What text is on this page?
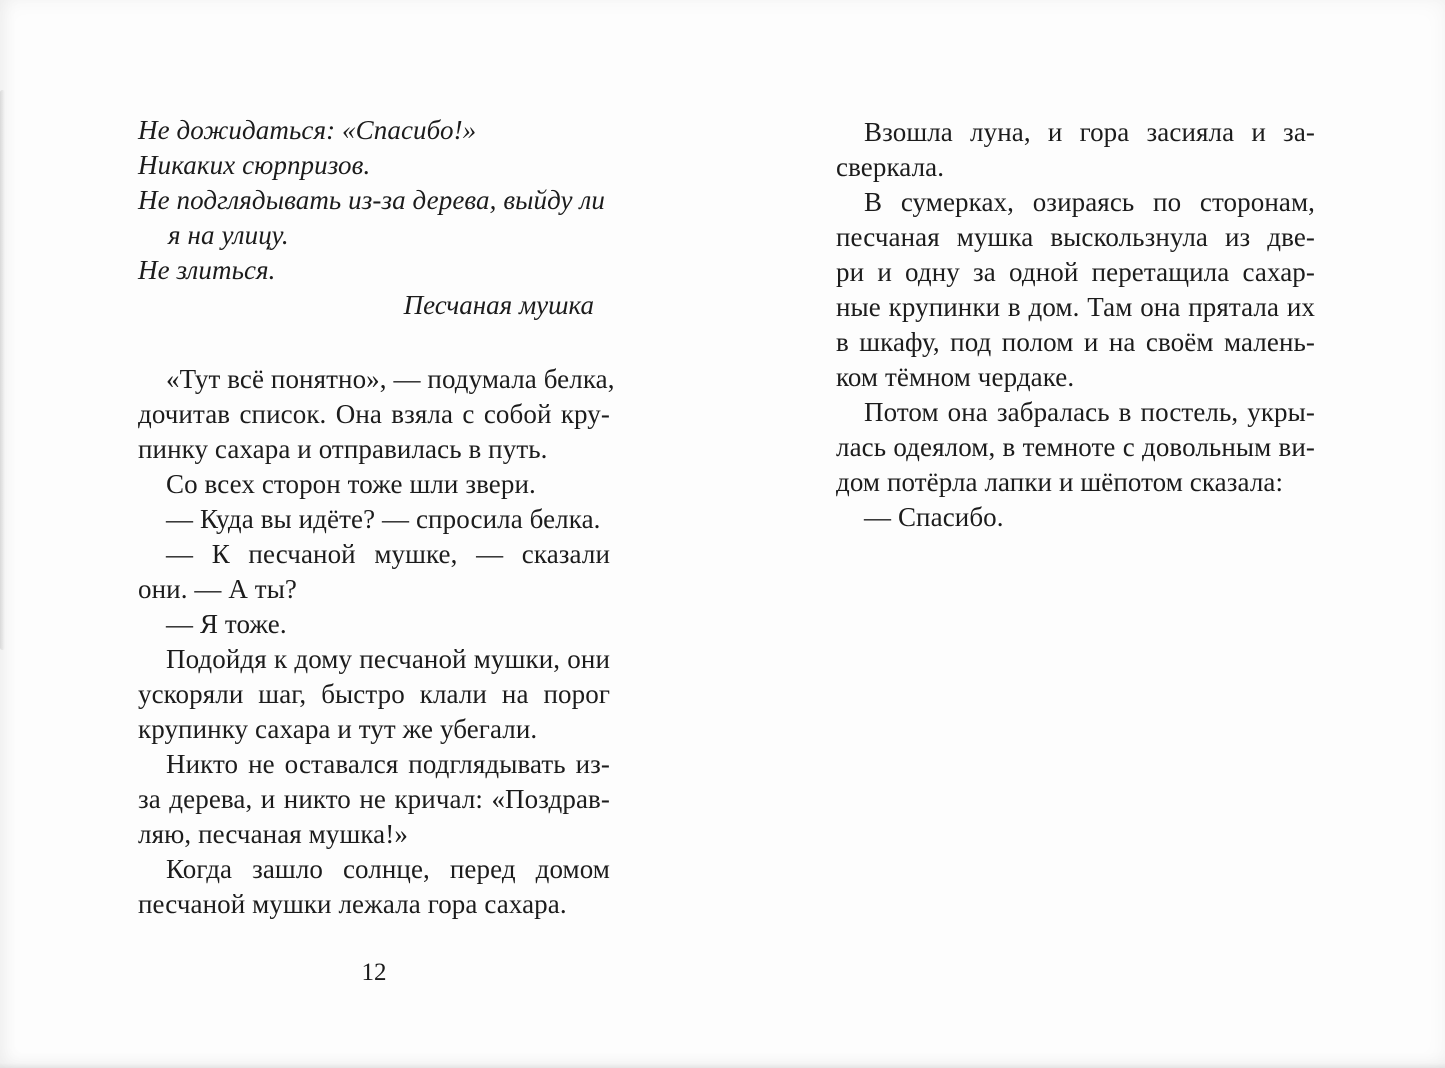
Не дожидаться: «Спасибо!»
Никаких сюрпризов.
Не подглядывать из-за дерева, выйду ли
я на улицу.
Не злиться.
Песчаная мушка
«Тут всё понятно», — подумала белка,
дочитав список. Она взяла с собой кру-
пинку сахара и отправилась в путь.
Со всех сторон тоже шли звери.
— Куда вы идёте? — спросила белка.
— К песчаной мушке, — сказали
они. — А ты?
— Я тоже.
Подойдя к дому песчаной мушки, они
ускоряли шаг, быстро клали на порог
крупинку сахара и тут же убегали.
Никто не оставался подглядывать из-
за дерева, и никто не кричал: «Поздрав-
ляю, песчаная мушка!»
Когда зашло солнце, перед домом
песчаной мушки лежала гора сахара.
Взошла луна, и гора засияла и за-
сверкала.
В сумерках, озираясь по сторонам,
песчаная мушка выскользнула из две-
ри и одну за одной перетащила сахар-
ные крупинки в дом. Там она прятала их
в шкафу, под полом и на своём малень-
ком тёмном чердаке.
Потом она забралась в постель, укры-
лась одеялом, в темноте с довольным ви-
дом потёрла лапки и шёпотом сказала:
— Спасибо.
12
